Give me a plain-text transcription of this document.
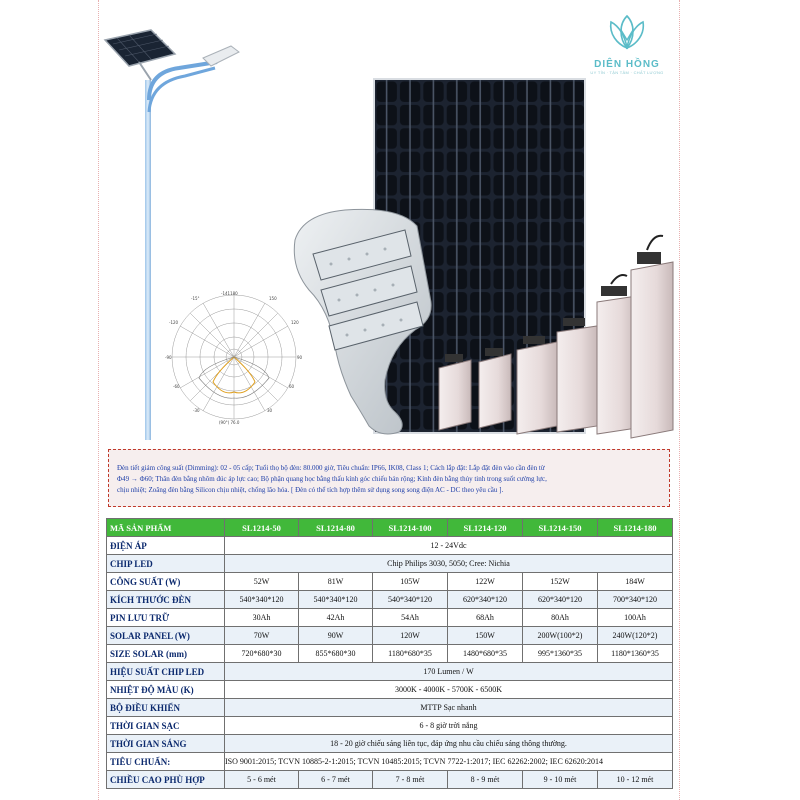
-141180
-15°	150
-120	120
-90	90
-60	60
30
-30
(90°) 76.0
DIÊN HỒNG
UY TÍN · TẬN TÂM · CHẤT LƯỢNG
Đèn tiết giảm công suất (Dimming): 02 - 05 cấp; Tuổi thọ bộ đèn: 80.000 giờ, Tiêu chuẩn: IP66, IK08, Class 1; Cách lắp đặt: Lắp đặt đèn vào cần đèn từ
Φ49 → Φ60; Thân đèn bằng nhôm đúc áp lực cao; Bộ phận quang học bằng thấu kính góc chiếu bán rộng; Kính đèn bằng thủy tinh trong suốt cường lực,
chịu nhiệt; Zoăng đèn bằng Silicon chịu nhiệt, chống lão hóa. [ Đèn có thể tích hợp thêm sử dụng song song điện AC - DC theo yêu cầu ].
MÃ SẢN PHẨM	SL1214-50	SL1214-80	SL1214-100	SL1214-120	SL1214-150	SL1214-180
ĐIỆN ÁP	12 - 24Vdc					
CHIP LED	Chip Philips 3030, 5050; Cree: Nichia					
CÔNG SUẤT (W)	52W	81W	105W	122W	152W	184W
KÍCH THƯỚC ĐÈN	540*340*120	540*340*120	540*340*120	620*340*120	620*340*120	700*340*120
PIN LƯU TRỮ	30Ah	42Ah	54Ah	68Ah	80Ah	100Ah
SOLAR PANEL (W)	70W	90W	120W	150W	200W(100*2)	240W(120*2)
SIZE SOLAR (mm)	720*680*30	855*680*30	1180*680*35	1480*680*35	995*1360*35	1180*1360*35
HIỆU SUẤT CHIP LED	170 Lumen / W					
NHIỆT ĐỘ MÀU (K)	3000K - 4000K - 5700K - 6500K					
BỘ ĐIỀU KHIỂN	MTTP Sạc nhanh					
THỜI GIAN SẠC	6 - 8 giờ trời nắng					
THỜI GIAN SÁNG	18 - 20 giờ chiếu sáng liên tục, đáp ứng nhu cầu chiếu sáng thông thường.					
TIÊU CHUẨN:	ISO 9001:2015; TCVN 10885-2-1:2015; TCVN 10485:2015; TCVN 7722-1:2017; IEC 62262:2002; IEC 62620:2014					
CHIỀU CAO PHÙ HỢP	5 - 6 mét	6 - 7 mét	7 - 8 mét	8 - 9 mét	9 - 10 mét	10 - 12 mét
